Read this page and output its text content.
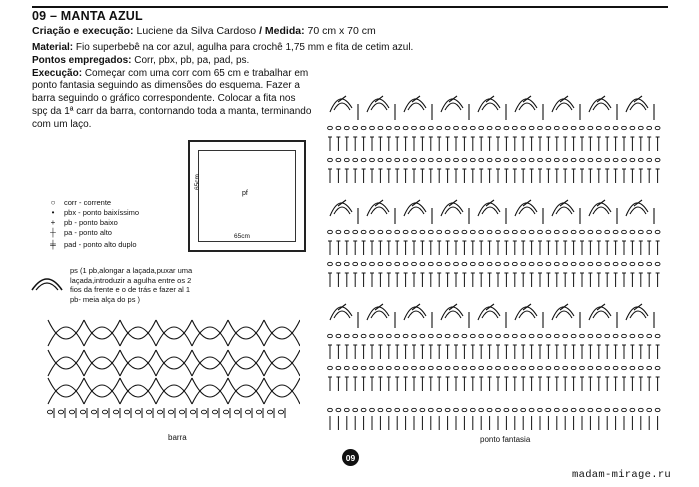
09 – MANTA AZUL
Criação e execução: Luciene da Silva Cardoso / Medida: 70 cm x 70 cm

Material: Fio superbebê na cor azul, agulha para crochê 1,75 mm e fita de cetim azul.

Pontos empregados: Corr, pbx, pb, pa, pad, ps.

Execução: Começar com uma corr com 65 cm e trabalhar em ponto fantasia seguindo as dimensões do esquema. Fazer a barra seguindo o gráfico correspondente. Colocar a fita nos spç da 1ª carr da barra, contornando toda a manta, terminando com um laço.

pf
65cm
65cm
○	corr - corrente
•	pbx - ponto baixíssimo
+	pb - ponto baixo
┼	pa - ponto alto
╪	pad - ponto alto duplo
ps (1 pb,alongar a laçada,puxar uma laçada,introduzir a agulha entre os 2 fios da frente e o de trás e fazer al 1 pb- meia alça do ps )
barra	ponto fantasia
09
madam-mirage.ru
